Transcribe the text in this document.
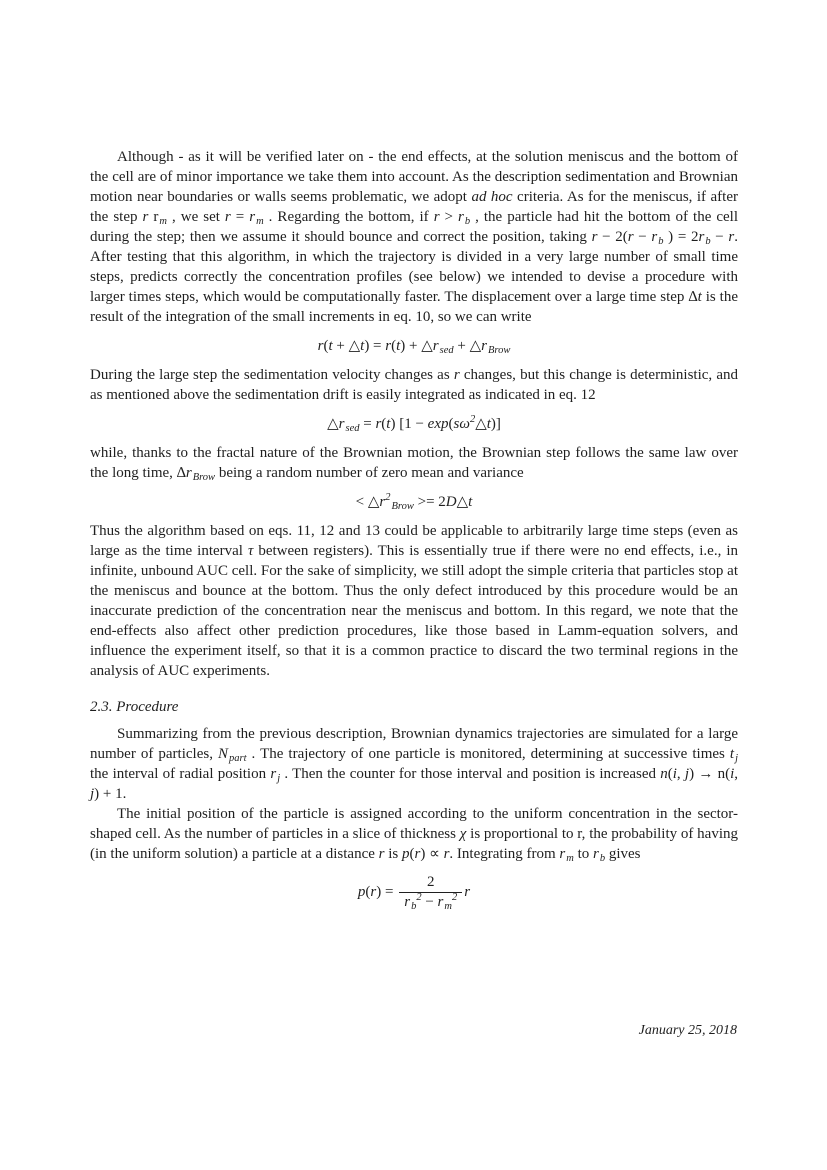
Although - as it will be verified later on - the end effects, at the solution meniscus and the bottom of the cell are of minor importance we take them into account. As the description sedimentation and Brownian motion near boundaries or walls seems problematic, we adopt ad hoc criteria. As for the meniscus, if after the step r $r_m$ , we set $r = r_m$ . Regarding the bottom, if $r > r_b$ , the particle had hit the bottom of the cell during the step; then we assume it should bounce and correct the position, taking $r - 2(r - r_b$ ) = $2r_b - r$. After testing that this algorithm, in which the trajectory is divided in a very large number of small time steps, predicts correctly the concentration profiles (see below) we intended to devise a procedure with larger times steps, which would be computationally faster. The displacement over a large time step ∆t is the result of the integration of the small increments in eq. 10, so we can write
r(t + △t) = $r(t) + \triangle r_{sed}$ + $\triangle r_{Brow}$
During the large step the sedimentation velocity changes as r changes, but this change is deterministic, and as mentioned above the sedimentation drift is easily integrated as indicated in eq. 12
$\triangle r_{sed} = r(t) [1$ − $\exp(s\omega^2\triangle t)$]
while, thanks to the fractal nature of the Brownian motion, the Brownian step follows the same law over the long time, $\Delta r_{Brow}$ being a random number of zero mean and variance
< $\triangle r^2_{Brow}$ >= 2D△t
Thus the algorithm based on eqs. 11, 12 and 13 could be applicable to arbitrarily large time steps (even as large as the time interval τ between registers). This is essentially true if there were no end effects, i.e., in infinite, unbound AUC cell. For the sake of simplicity, we still adopt the simple criteria that particles stop at the meniscus and bounce at the bottom. Thus the only defect introduced by this procedure would be an inaccurate prediction of the concentration near the meniscus and bottom. In this regard, we note that the end-effects also affect other prediction procedures, like those based in Lamm-equation solvers, and influence the experiment itself, so that it is a common practice to discard the two terminal regions in the analysis of AUC experiments.
2.3. Procedure
Summarizing from the previous description, Brownian dynamics trajectories are simulated for a large number of particles, $N_{part}$ . The trajectory of one particle is monitored, determining at successive times $t_j$ the interval of radial position $r_j$ . Then the counter for those interval and position is increased n(i, j) → n(i, j) + 1.
The initial position of the particle is assigned according to the uniform concentration in the sector-shaped cell. As the number of particles in a slice of thickness χ is proportional to r, the probability of having (in the uniform solution) a particle at a distance r is p(r) ∝ r. Integrating from $r_m$ to $r_b$ gives
$p(r) = \frac{2}{r_b^2 - r_m^2}$ r
January 25, 2018
